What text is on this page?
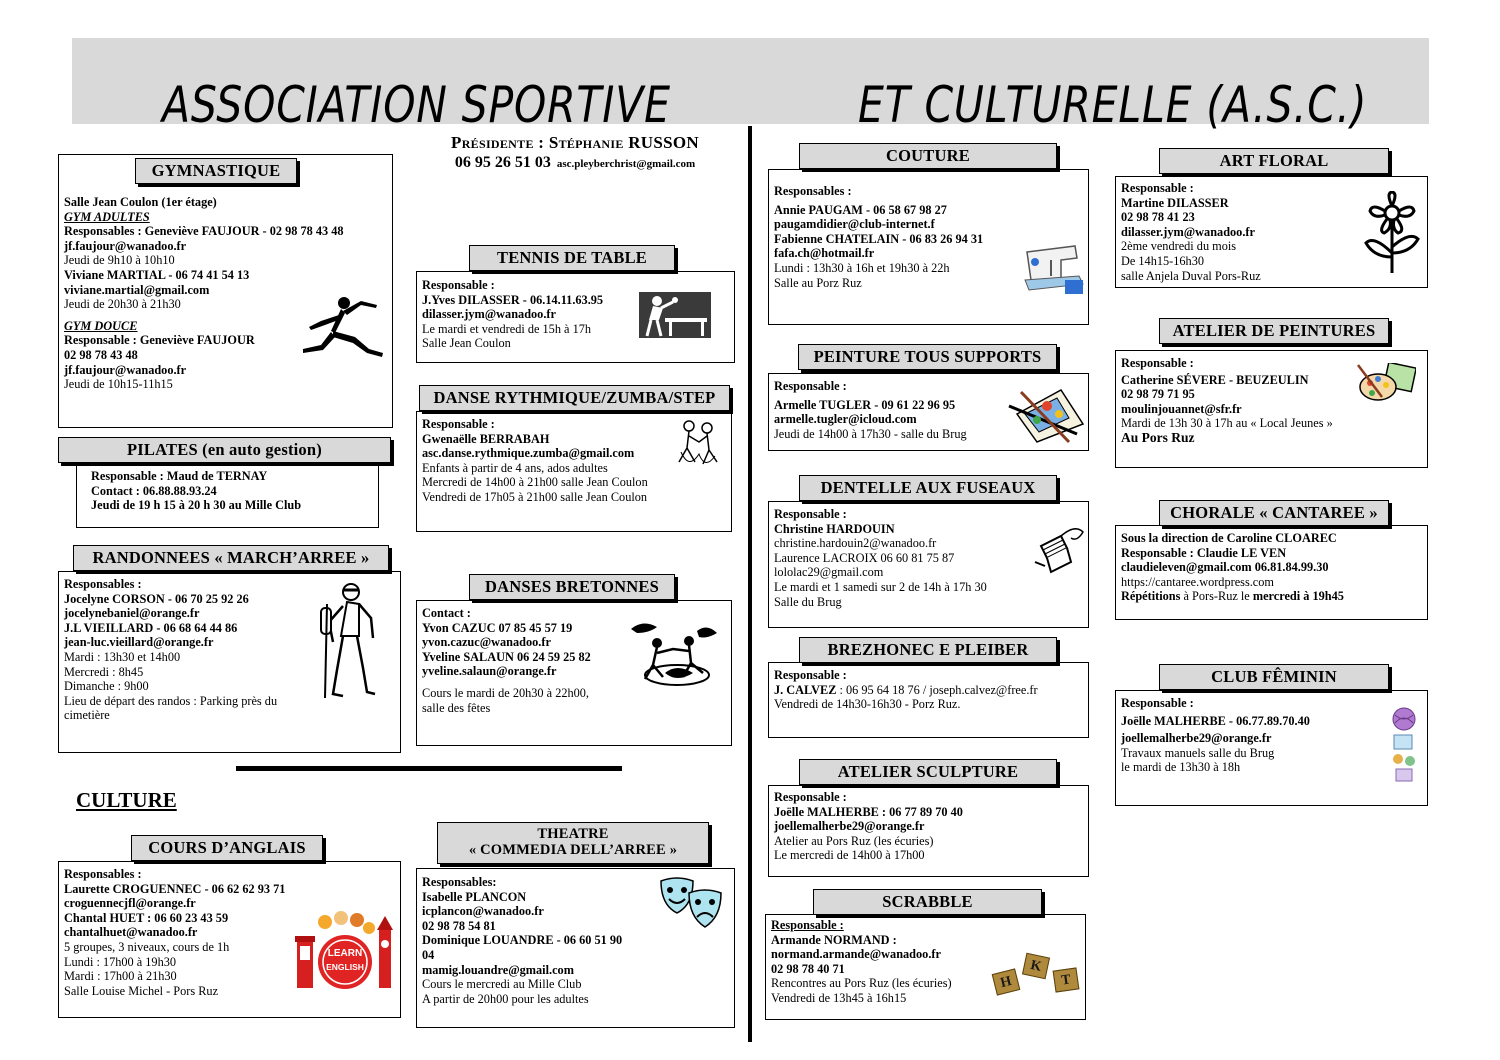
ASSOCIATION SPORTIVE	ET CULTURELLE (A.S.C.)
Présidente : Stéphanie RUSSON
06 95 26 51 03 asc.pleyberchrist@gmail.com
CULTURE
Salle Jean Coulon (1er étage)
GYM ADULTES
Responsables : Geneviève FAUJOUR - 02 98 78 43 48
jf.faujour@wanadoo.fr
Jeudi de 9h10 à 10h10
Viviane MARTIAL - 06 74 41 54 13
viviane.martial@gmail.com
Jeudi de 20h30 à 21h30
GYM DOUCE
Responsable : Geneviève FAUJOUR
02 98 78 43 48
jf.faujour@wanadoo.fr
Jeudi de 10h15-11h15
GYMNASTIQUE
Responsable : Maud de TERNAY
Contact : 06.88.88.93.24
Jeudi de 19 h 15 à 20 h 30 au Mille Club
PILATES (en auto gestion)
Responsables :
Jocelyne CORSON - 06 70 25 92 26
jocelynebaniel@orange.fr
J.L VIEILLARD - 06 68 64 44 86
jean-luc.vieillard@orange.fr
Mardi : 13h30 et 14h00
Mercredi : 8h45
Dimanche : 9h00
Lieu de départ des randos : Parking près du cimetière
RANDONNEES « MARCH’ARREE »
Responsable :
J.Yves DILASSER - 06.14.11.63.95
dilasser.jym@wanadoo.fr
Le mardi et vendredi de 15h à 17h
Salle Jean Coulon
TENNIS DE TABLE
Responsable :
Gwenaëlle BERRABAH
asc.danse.rythmique.zumba@gmail.com
Enfants à partir de 4 ans, ados adultes
Mercredi de 14h00 à 21h00 salle Jean Coulon
Vendredi de 17h05 à 21h00 salle Jean Coulon
DANSE RYTHMIQUE/ZUMBA/STEP
Contact :
Yvon CAZUC 07 85 45 57 19
yvon.cazuc@wanadoo.fr
Yveline SALAUN 06 24 59 25 82
yveline.salaun@orange.fr
Cours le mardi de 20h30 à 22h00,
salle des fêtes
DANSES BRETONNES
Responsables :
Laurette CROGUENNEC - 06 62 62 93 71
croguennecjfl@orange.fr
Chantal HUET : 06 60 23 43 59
chantalhuet@wanadoo.fr
5 groupes, 3 niveaux, cours de 1h
Lundi : 17h00 à 19h30
Mardi : 17h00 à 21h30
Salle Louise Michel - Pors Ruz
LEARN
ENGLISH
COURS D’ANGLAIS
Responsables:
Isabelle PLANCON
icplancon@wanadoo.fr
02 98 78 54 81
Dominique LOUANDRE - 06 60 51 90
04
mamig.louandre@gmail.com
Cours le mercredi au Mille Club
A partir de 20h00 pour les adultes
THEATRE
« COMMEDIA DELL’ARREE »
Responsables :
Annie PAUGAM - 06 58 67 98 27
paugamdidier@club-internet.f
Fabienne CHATELAIN - 06 83 26 94 31
fafa.ch@hotmail.fr
Lundi : 13h30 à 16h et 19h30 à 22h
Salle au Porz Ruz
COUTURE
Responsable :
Armelle TUGLER - 09 61 22 96 95
armelle.tugler@icloud.com
Jeudi de 14h00 à 17h30 - salle du Brug
PEINTURE TOUS SUPPORTS
Responsable :
Christine HARDOUIN
christine.hardouin2@wanadoo.fr
Laurence LACROIX 06 60 81 75 87
lololac29@gmail.com
Le mardi et 1 samedi sur 2 de 14h à 17h 30
Salle du Brug
DENTELLE AUX FUSEAUX
Responsable :
J. CALVEZ : 06 95 64 18 76 / joseph.calvez@free.fr
Vendredi de 14h30-16h30 - Porz Ruz.
BREZHONEC E PLEIBER
Responsable :
Joëlle MALHERBE : 06 77 89 70 40
joellemalherbe29@orange.fr
Atelier au Pors Ruz (les écuries)
Le mercredi de 14h00 à 17h00
ATELIER SCULPTURE
Responsable :
Armande NORMAND :
normand.armande@wanadoo.fr
02 98 78 40 71
Rencontres au Pors Ruz (les écuries)
Vendredi de 13h45 à 16h15
H
K
T
SCRABBLE
Responsable :
Martine DILASSER
02 98 78 41 23
dilasser.jym@wanadoo.fr
2ème vendredi du mois
De 14h15-16h30
salle Anjela Duval Pors-Ruz
ART FLORAL
Responsable :
Catherine SÉVERE - BEUZEULIN
02 98 79 71 95
moulinjouannet@sfr.fr
Mardi de 13h 30 à 17h au « Local Jeunes »
Au Pors Ruz
ATELIER DE PEINTURES
Sous la direction de Caroline CLOAREC
Responsable : Claudie LE VEN
claudieleven@gmail.com 06.81.84.99.30
https://cantaree.wordpress.com
Répétitions à Pors-Ruz le mercredi à 19h45
CHORALE « CANTAREE »
Responsable :
Joëlle MALHERBE - 06.77.89.70.40
joellemalherbe29@orange.fr
Travaux manuels salle du Brug
le mardi de 13h30 à 18h
CLUB FÊMININ
